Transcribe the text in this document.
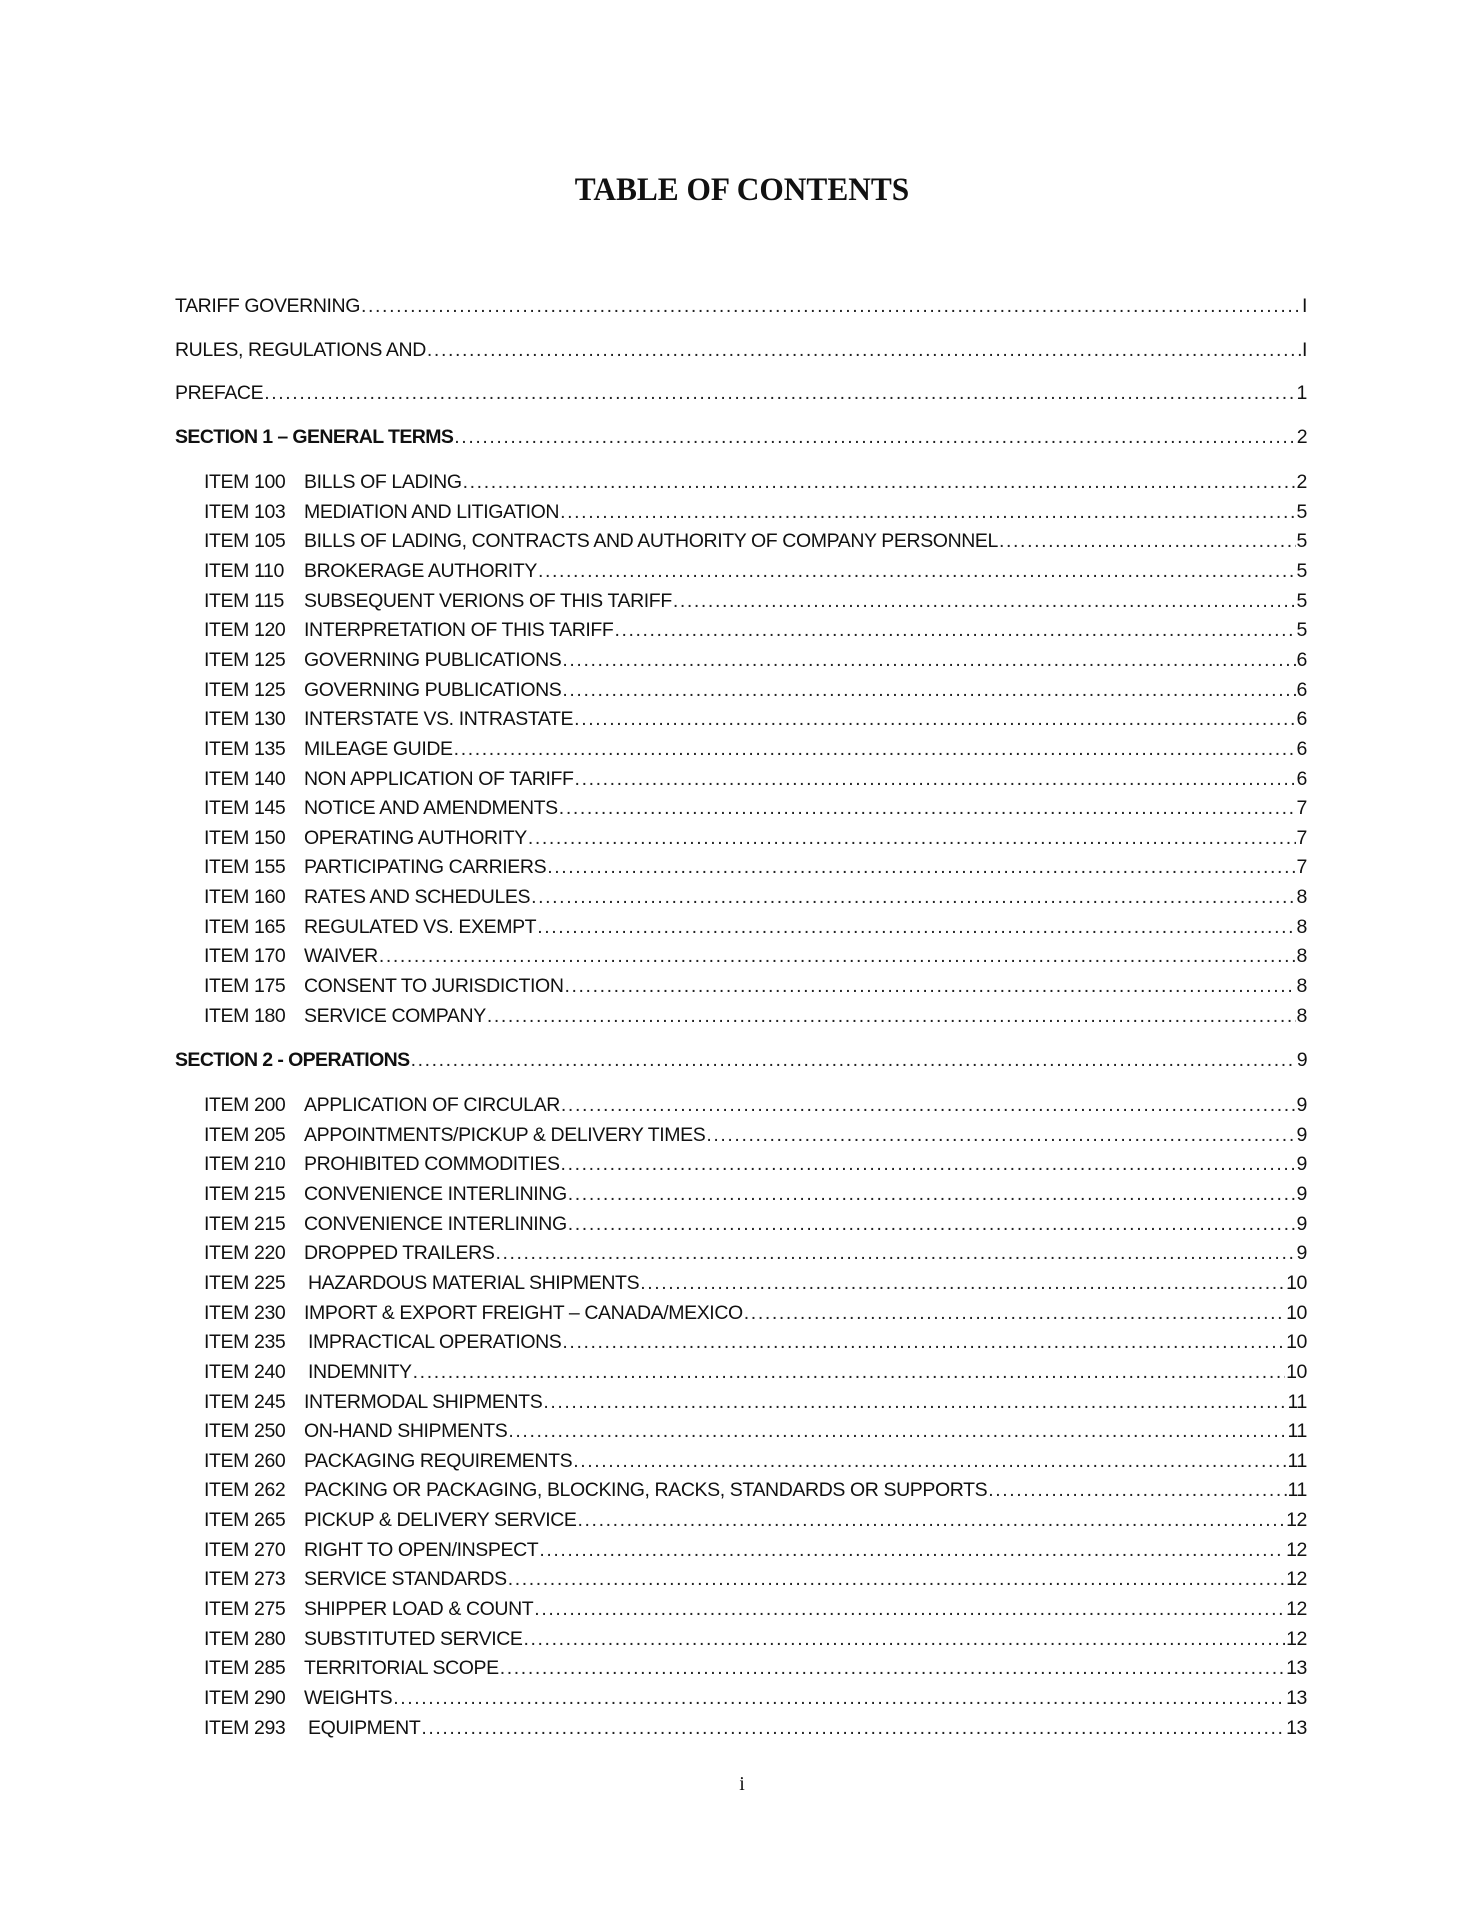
TABLE OF CONTENTS
TARIFF GOVERNING .....	I
RULES, REGULATIONS AND .....	I
PREFACE .....	1
SECTION 1 – GENERAL TERMS .....	2
ITEM 100 BILLS OF LADING .....	2
ITEM 103 MEDIATION AND LITIGATION .....	5
ITEM 105 BILLS OF LADING, CONTRACTS AND AUTHORITY OF COMPANY PERSONNEL .....	5
ITEM 110	BROKERAGE AUTHORITY .....	5
ITEM 115	SUBSEQUENT VERIONS OF THIS TARIFF .....	5
ITEM 120 INTERPRETATION OF THIS TARIFF .....	5
ITEM 125 GOVERNING PUBLICATIONS .....	6
ITEM 125 GOVERNING PUBLICATIONS .....	6
ITEM 130 INTERSTATE VS. INTRASTATE .....	6
ITEM 135 MILEAGE GUIDE .....	6
ITEM 140 NON APPLICATION OF TARIFF .....	6
ITEM 145 NOTICE AND AMENDMENTS .....	7
ITEM 150 OPERATING AUTHORITY .....	7
ITEM 155 PARTICIPATING CARRIERS .....	7
ITEM 160 RATES AND SCHEDULES .....	8
ITEM 165 REGULATED VS. EXEMPT .....	8
ITEM 170 WAIVER .....	8
ITEM 175 CONSENT TO JURISDICTION .....	8
ITEM 180 SERVICE COMPANY .....	8
SECTION 2 - OPERATIONS .....	9
ITEM 200 APPLICATION OF CIRCULAR .....	9
ITEM 205 APPOINTMENTS/PICKUP & DELIVERY TIMES .....	9
ITEM 210 PROHIBITED COMMODITIES .....	9
ITEM 215 CONVENIENCE INTERLINING .....	9
ITEM 215 CONVENIENCE INTERLINING .....	9
ITEM 220 DROPPED TRAILERS .....	9
ITEM 225	HAZARDOUS MATERIAL SHIPMENTS .....	10
ITEM 230 IMPORT & EXPORT FREIGHT – CANADA/MEXICO .....	10
ITEM 235	IMPRACTICAL OPERATIONS .....	10
ITEM 240	INDEMNITY .....	10
ITEM 245 INTERMODAL SHIPMENTS .....	11
ITEM 250 ON-HAND SHIPMENTS .....	11
ITEM 260 PACKAGING REQUIREMENTS .....	11
ITEM 262 PACKING OR PACKAGING, BLOCKING, RACKS, STANDARDS OR SUPPORTS .....	11
ITEM 265 PICKUP & DELIVERY SERVICE .....	12
ITEM 270 RIGHT TO OPEN/INSPECT .....	12
ITEM 273 SERVICE STANDARDS .....	12
ITEM 275 SHIPPER LOAD & COUNT .....	12
ITEM 280 SUBSTITUTED SERVICE .....	12
ITEM 285 TERRITORIAL SCOPE .....	13
ITEM 290 WEIGHTS .....	13
ITEM 293	EQUIPMENT .....	13
i
